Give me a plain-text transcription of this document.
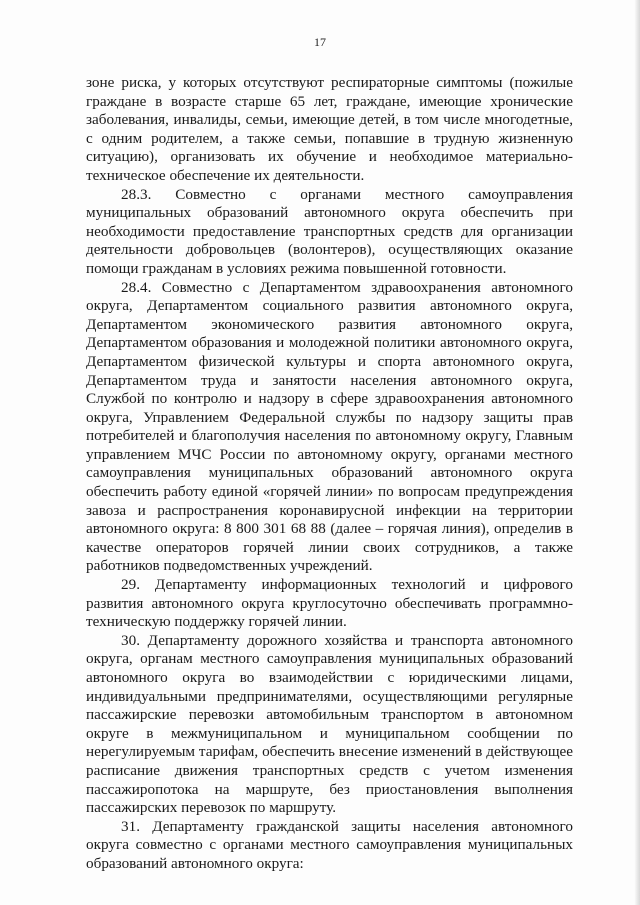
17

зоне риска, у которых отсутствуют респираторные симптомы (пожилые граждане в возрасте старше 65 лет, граждане, имеющие хронические заболевания, инвалиды, семьи, имеющие детей, в том числе многодетные, с одним родителем, а также семьи, попавшие в трудную жизненную ситуацию), организовать их обучение и необходимое материально-техническое обеспечение их деятельности.

28.3. Совместно с органами местного самоуправления муниципальных образований автономного округа обеспечить при необходимости предоставление транспортных средств для организации деятельности добровольцев (волонтеров), осуществляющих оказание помощи гражданам в условиях режима повышенной готовности.

28.4. Совместно с Департаментом здравоохранения автономного округа, Департаментом социального развития автономного округа, Департаментом экономического развития автономного округа, Департаментом образования и молодежной политики автономного округа, Департаментом физической культуры и спорта автономного округа, Департаментом труда и занятости населения автономного округа, Службой по контролю и надзору в сфере здравоохранения автономного округа, Управлением Федеральной службы по надзору защиты прав потребителей и благополучия населения по автономному округу, Главным управлением МЧС России по автономному округу, органами местного самоуправления муниципальных образований автономного округа обеспечить работу единой «горячей линии» по вопросам предупреждения завоза и распространения коронавирусной инфекции на территории автономного округа: 8 800 301 68 88 (далее – горячая линия), определив в качестве операторов горячей линии своих сотрудников, а также работников подведомственных учреждений.

29. Департаменту информационных технологий и цифрового развития автономного округа круглосуточно обеспечивать программно-техническую поддержку горячей линии.

30. Департаменту дорожного хозяйства и транспорта автономного округа, органам местного самоуправления муниципальных образований автономного округа во взаимодействии с юридическими лицами, индивидуальными предпринимателями, осуществляющими регулярные пассажирские перевозки автомобильным транспортом в автономном округе в межмуниципальном и муниципальном сообщении по нерегулируемым тарифам, обеспечить внесение изменений в действующее расписание движения транспортных средств с учетом изменения пассажиропотока на маршруте, без приостановления выполнения пассажирских перевозок по маршруту.

31. Департаменту гражданской защиты населения автономного округа совместно с органами местного самоуправления муниципальных образований автономного округа:
